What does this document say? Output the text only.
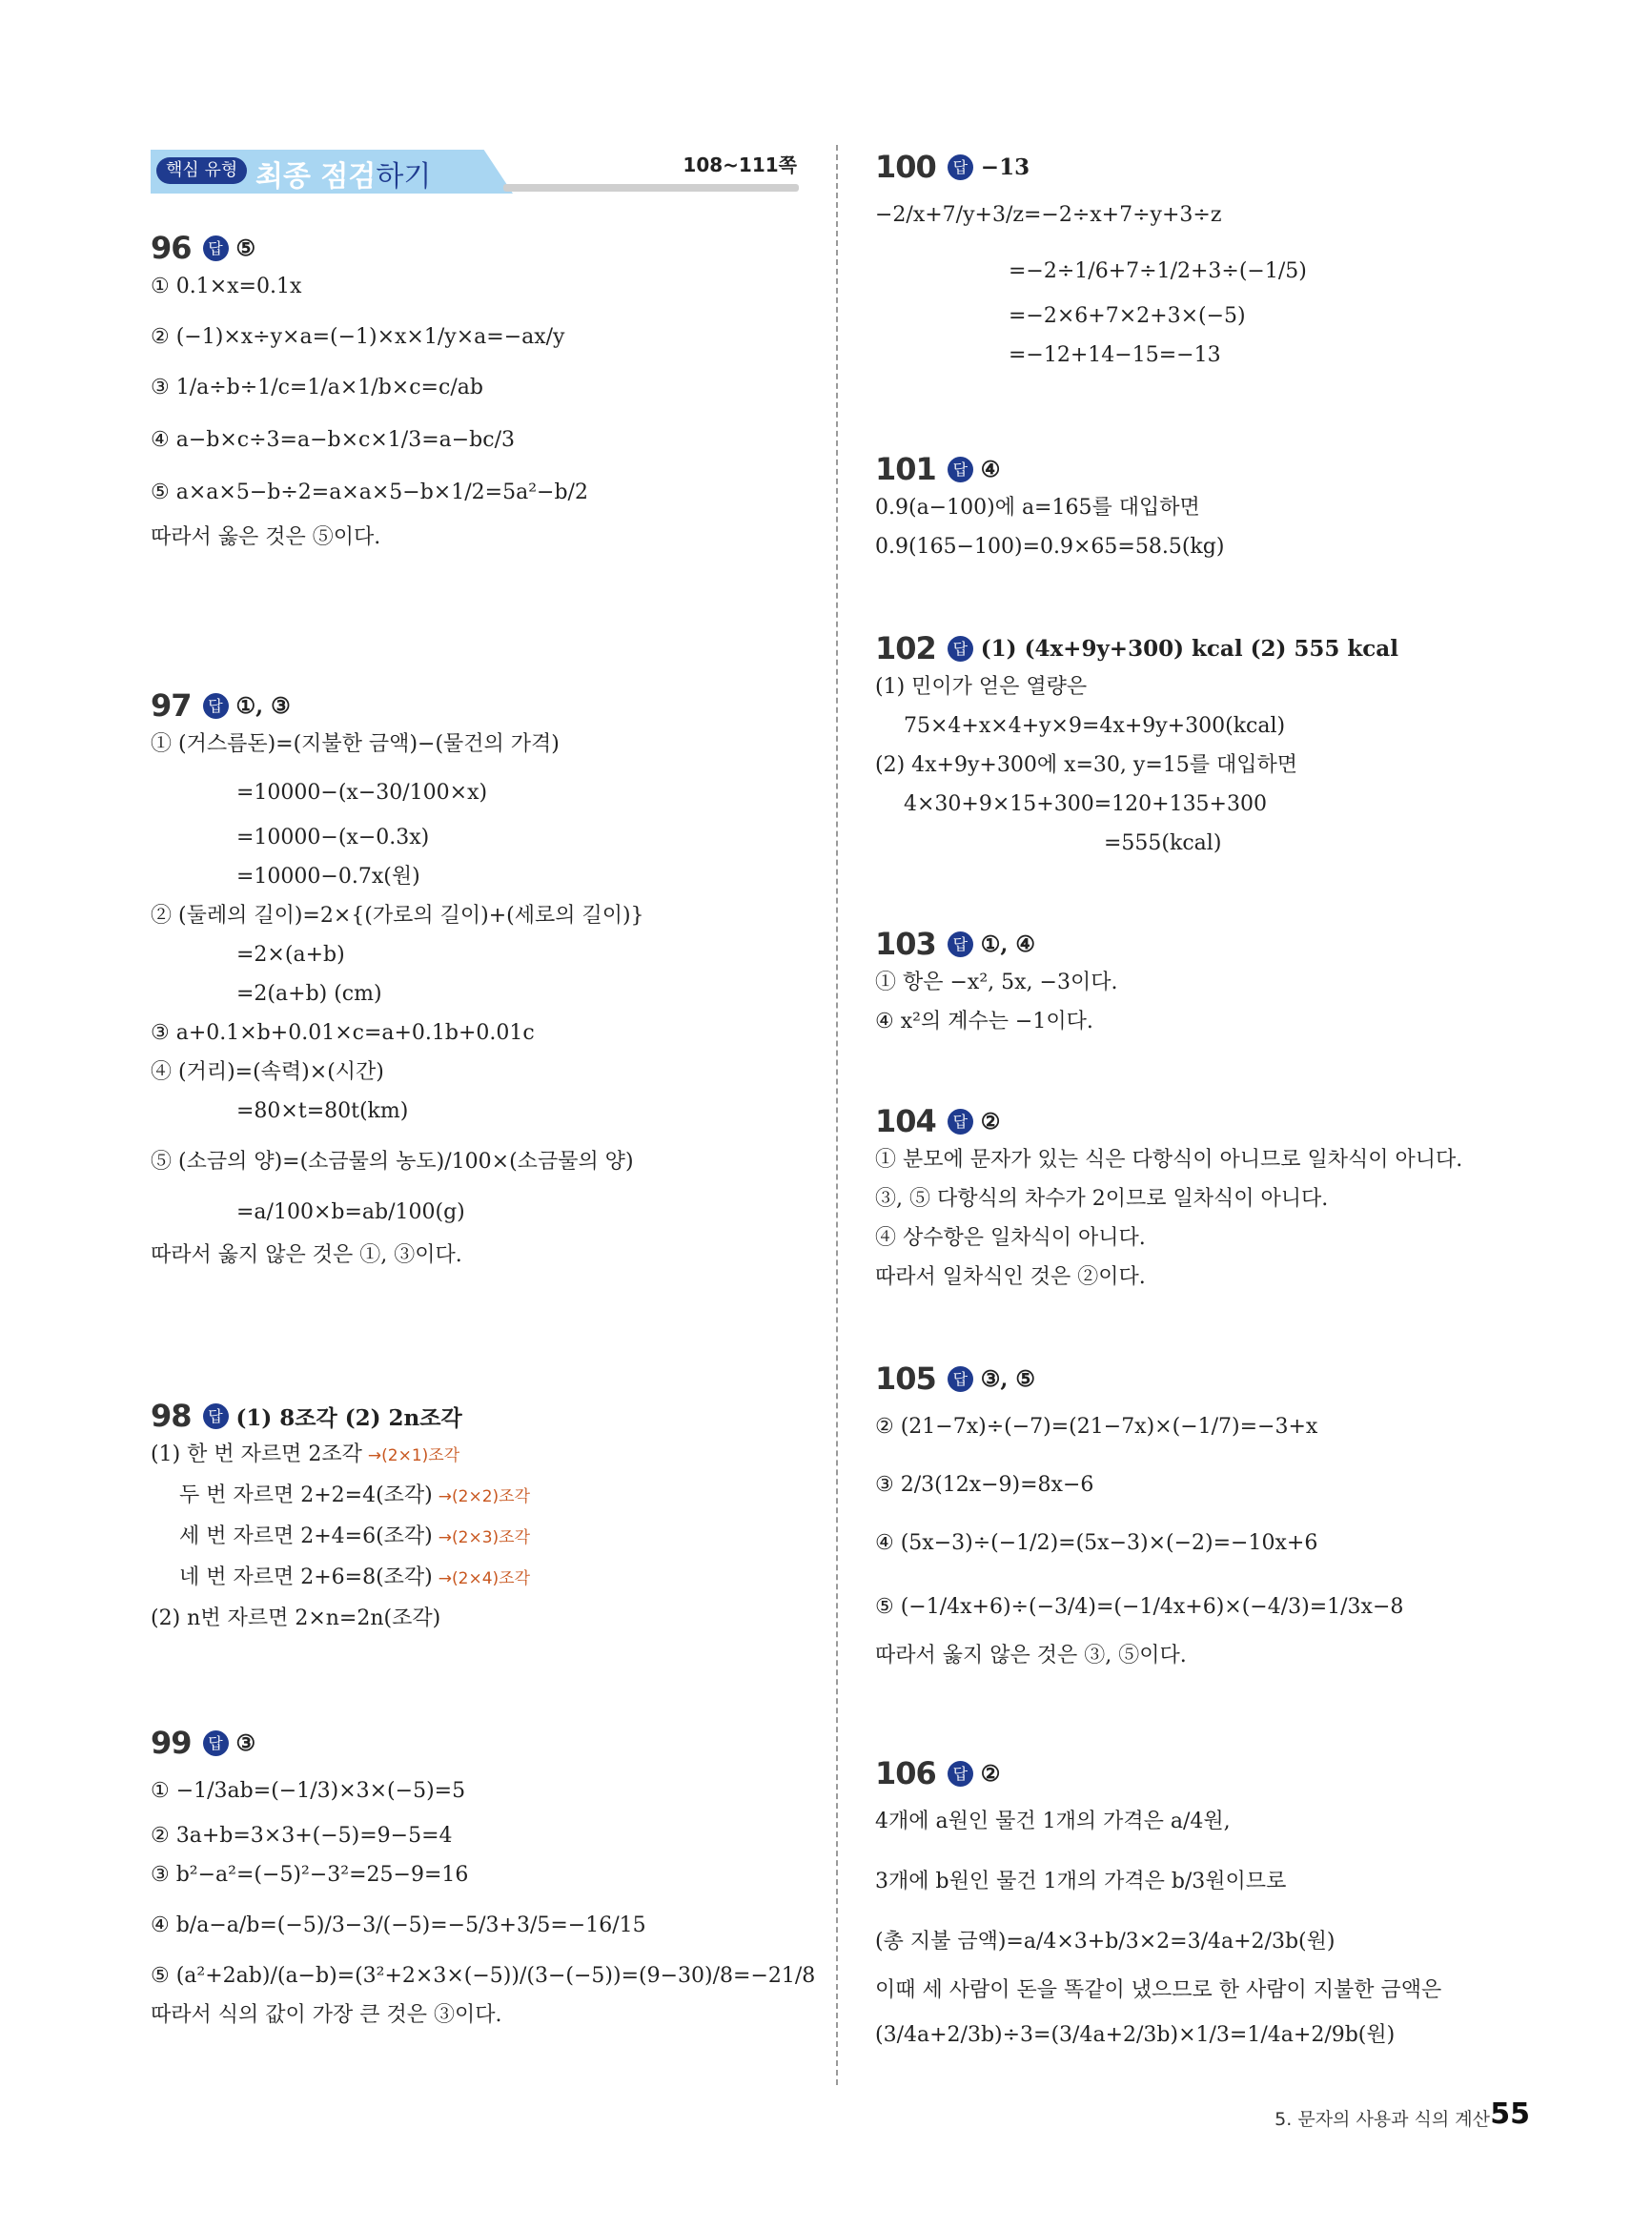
핵심 유형 최종 점검하기	108~111쪽
96	답 ⑤
① 0.1×x=0.1x
② (−1)×x÷y×a=(−1)×x×1/y×a=−ax/y
③ 1/a÷b÷1/c=1/a×1/b×c=c/ab
④ a−b×c÷3=a−b×c×1/3=a−bc/3
⑤ a×a×5−b÷2=a×a×5−b×1/2=5a²−b/2
따라서 옳은 것은 ⑤이다.
97	답 ①, ③
① (거스름돈)=(지불한 금액)−(물건의 가격)
=10000−(x−30/100×x)
=10000−(x−0.3x)
=10000−0.7x(원)
② (둘레의 길이)=2×{(가로의 길이)+(세로의 길이)}
=2×(a+b)
=2(a+b) (cm)
③ a+0.1×b+0.01×c=a+0.1b+0.01c
④ (거리)=(속력)×(시간)
=80×t=80t(km)
⑤ (소금의 양)=(소금물의 농도)/100×(소금물의 양)
=a/100×b=ab/100(g)
따라서 옳지 않은 것은 ①, ③이다.
98	답 (1) 8조각 (2) 2n조각
(1) 한 번 자르면 2조각 →(2×1)조각
두 번 자르면 2+2=4(조각) →(2×2)조각
세 번 자르면 2+4=6(조각) →(2×3)조각
네 번 자르면 2+6=8(조각) →(2×4)조각
(2) n번 자르면 2×n=2n(조각)
99	답 ③
① −1/3ab=(−1/3)×3×(−5)=5
② 3a+b=3×3+(−5)=9−5=4
③ b²−a²=(−5)²−3²=25−9=16
④ b/a−a/b=(−5)/3−3/(−5)=−5/3+3/5=−16/15
⑤ (a²+2ab)/(a−b)=(3²+2×3×(−5))/(3−(−5))=(9−30)/8=−21/8
따라서 식의 값이 가장 큰 것은 ③이다.
100	답 −13
−2/x+7/y+3/z=−2÷x+7÷y+3÷z
=−2÷1/6+7÷1/2+3÷(−1/5)
=−2×6+7×2+3×(−5)
=−12+14−15=−13
101	답 ④
0.9(a−100)에 a=165를 대입하면
0.9(165−100)=0.9×65=58.5(kg)
102	답 (1) (4x+9y+300) kcal (2) 555 kcal
(1) 민이가 얻은 열량은
75×4+x×4+y×9=4x+9y+300(kcal)
(2) 4x+9y+300에 x=30, y=15를 대입하면
4×30+9×15+300=120+135+300
=555(kcal)
103	답 ①, ④
① 항은 −x², 5x, −3이다.
④ x²의 계수는 −1이다.
104	답 ②
① 분모에 문자가 있는 식은 다항식이 아니므로 일차식이 아니다.
③, ⑤ 다항식의 차수가 2이므로 일차식이 아니다.
④ 상수항은 일차식이 아니다.
따라서 일차식인 것은 ②이다.
105	답 ③, ⑤
② (21−7x)÷(−7)=(21−7x)×(−1/7)=−3+x
③ 2/3(12x−9)=8x−6
④ (5x−3)÷(−1/2)=(5x−3)×(−2)=−10x+6
⑤ (−1/4x+6)÷(−3/4)=(−1/4x+6)×(−4/3)=1/3x−8
따라서 옳지 않은 것은 ③, ⑤이다.
106	답 ②
4개에 a원인 물건 1개의 가격은 a/4원,
3개에 b원인 물건 1개의 가격은 b/3원이므로
(총 지불 금액)=a/4×3+b/3×2=3/4a+2/3b(원)
이때 세 사람이 돈을 똑같이 냈으므로 한 사람이 지불한 금액은
(3/4a+2/3b)÷3=(3/4a+2/3b)×1/3=1/4a+2/9b(원)
5. 문자의 사용과 식의 계산 55
